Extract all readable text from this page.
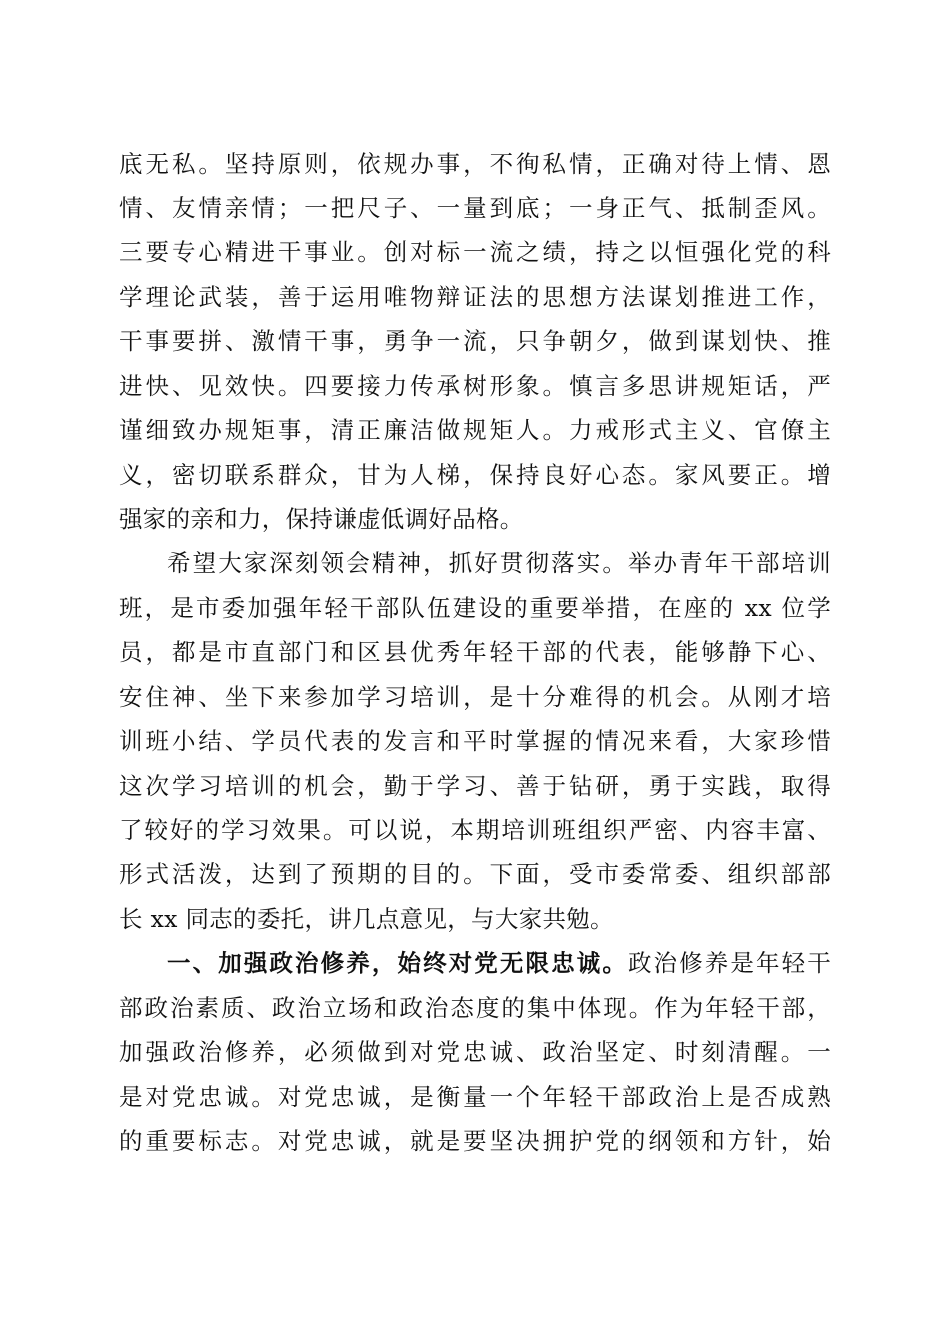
底无私。坚持原则，依规办事，不徇私情，正确对待上情、恩
情、友情亲情；一把尺子、一量到底；一身正气、抵制歪风。
三要专心精进干事业。创对标一流之绩，持之以恒强化党的科
学理论武装，善于运用唯物辩证法的思想方法谋划推进工作，
干事要拼、激情干事，勇争一流，只争朝夕，做到谋划快、推
进快、见效快。四要接力传承树形象。慎言多思讲规矩话，严
谨细致办规矩事，清正廉洁做规矩人。力戒形式主义、官僚主
义，密切联系群众，甘为人梯，保持良好心态。家风要正。增
强家的亲和力，保持谦虚低调好品格。
希望大家深刻领会精神，抓好贯彻落实。举办青年干部培训
班，是市委加强年轻干部队伍建设的重要举措，在座的 xx 位学
员，都是市直部门和区县优秀年轻干部的代表，能够静下心、
安住神、坐下来参加学习培训，是十分难得的机会。从刚才培
训班小结、学员代表的发言和平时掌握的情况来看，大家珍惜
这次学习培训的机会，勤于学习、善于钻研，勇于实践，取得
了较好的学习效果。可以说，本期培训班组织严密、内容丰富、
形式活泼，达到了预期的目的。下面，受市委常委、组织部部
长 xx 同志的委托，讲几点意见，与大家共勉。
一、加强政治修养，始终对党无限忠诚。政治修养是年轻干
部政治素质、政治立场和政治态度的集中体现。作为年轻干部，
加强政治修养，必须做到对党忠诚、政治坚定、时刻清醒。一
是对党忠诚。对党忠诚，是衡量一个年轻干部政治上是否成熟
的重要标志。对党忠诚，就是要坚决拥护党的纲领和方针，始
